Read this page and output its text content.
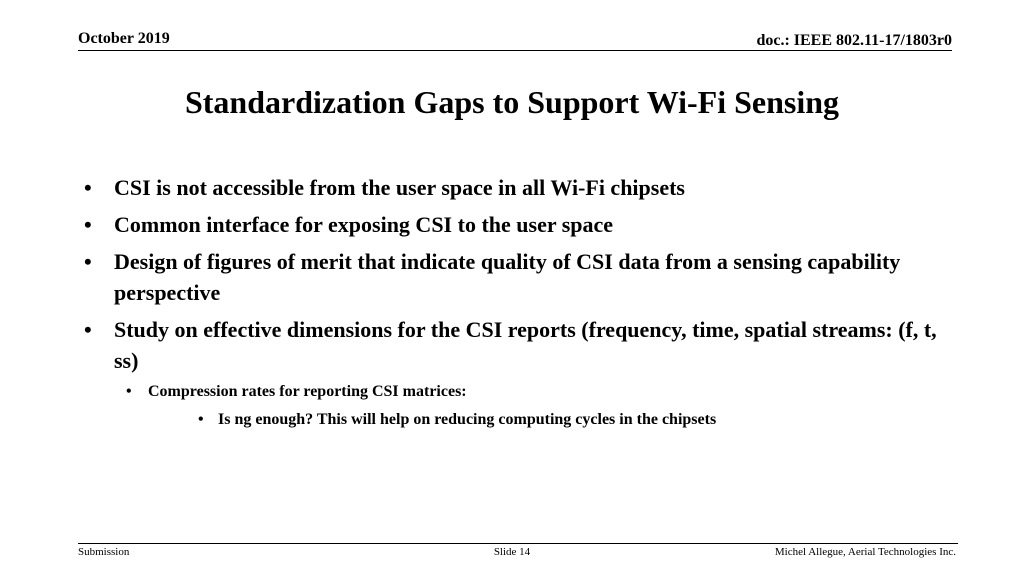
October 2019	doc.: IEEE 802.11-17/1803r0
Standardization Gaps to Support Wi-Fi Sensing
• CSI is not accessible from the user space in all Wi-Fi chipsets
• Common interface for exposing CSI to the user space
• Design of figures of merit that indicate quality of CSI data from a sensing capability perspective
• Study on effective dimensions for the CSI reports (frequency, time, spatial streams: (f, t, ss)
• Compression rates for reporting CSI matrices:
• Is ng enough? This will help on reducing computing cycles in the chipsets
Submission	Slide 14	Michel Allegue, Aerial Technologies Inc.
